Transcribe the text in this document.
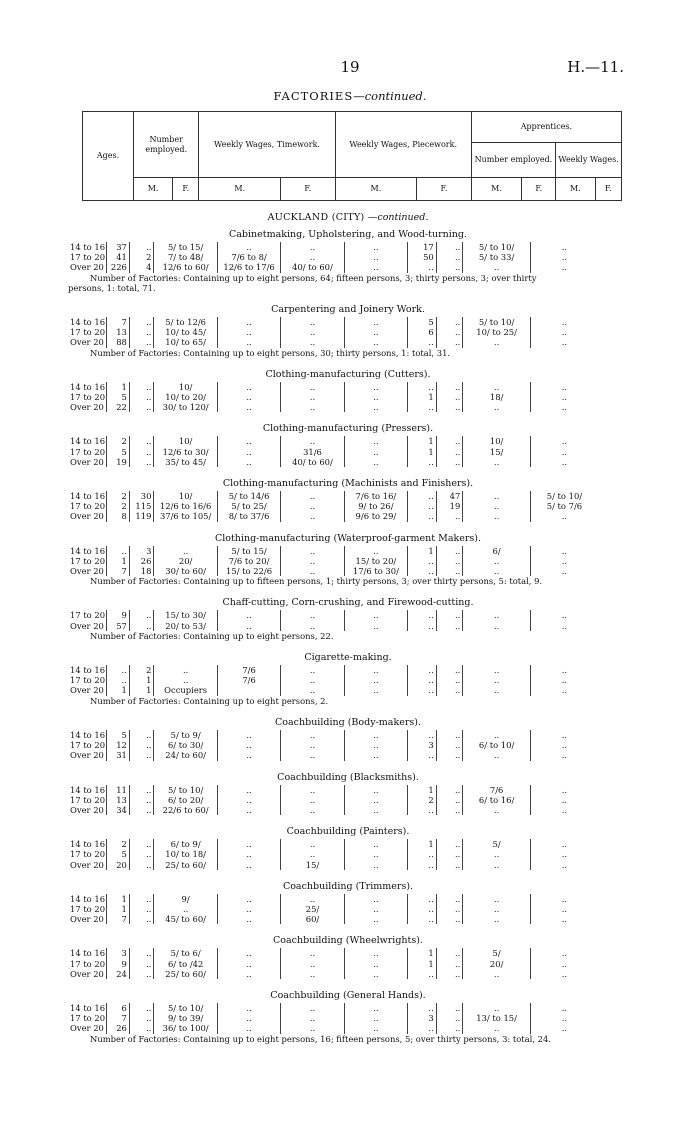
19	H.—11.
FACTORIES—continued.
Ages.	Number employed.		Weekly Wages, Timework.		Weekly Wages, Piecework.		Apprentices.			
							Number employed.		Weekly Wages.	
	M.	F.	M.	F.	M.	F.	M.	F.	M.	F.
AUCKLAND (CITY) —continued.
Cabinetmaking, Upholstering, and Wood-turning.
14 to 16	37	..	5/ to 15/	..	..	..	17	..	5/ to 10/	..
17 to 20	41	2	7/ to 48/	7/6 to 8/	..	..	50	..	5/ to 33/	..
Over 20	226	4	12/6 to 60/	12/6 to 17/6	40/ to 60/	..	..	..	..	..
Number of Factories: Containing up to eight persons, 64; fifteen persons, 3; thirty persons, 3; over thirty
persons, 1: total, 71.
Carpentering and Joinery Work.
14 to 16	7	..	5/ to 12/6	..	..	..	5	..	5/ to 10/	..
17 to 20	13	..	10/ to 45/	..	..	..	6	..	10/ to 25/	..
Over 20	88	..	10/ to 65/	..	..	..	..	..	..	..
Number of Factories: Containing up to eight persons, 30; thirty persons, 1: total, 31.
Clothing-manufacturing (Cutters).
14 to 16	1	..	10/	..	..	..	..	..	..	..
17 to 20	5	..	10/ to 20/	..	..	..	1	..	18/	..
Over 20	22	..	30/ to 120/	..	..	..	..	..	..	..
Clothing-manufacturing (Pressers).
14 to 16	2	..	10/	..	..	..	1	..	10/	..
17 to 20	5	..	12/6 to 30/	..	31/6	..	1	..	15/	..
Over 20	19	..	35/ to 45/	..	40/ to 60/	..	..	..	..	..
Clothing-manufacturing (Machinists and Finishers).
14 to 16	2	30	10/	5/ to 14/6	..	7/6 to 16/	..	47	..	5/ to 10/
17 to 20	2	115	12/6 to 16/6	5/ to 25/	..	9/ to 26/	..	19	..	5/ to 7/6
Over 20	8	119	37/6 to 105/	8/ to 37/6	..	9/6 to 29/	..	..	..	..
Clothing-manufacturing (Waterproof-garment Makers).
14 to 16	..	3	..	5/ to 15/	..	..	1	..	6/	..
17 to 20	1	26	20/	7/6 to 20/	..	15/ to 20/	..	..	..	..
Over 20	7	18	30/ to 60/	15/ to 22/6	..	17/6 to 30/	..	..	..	..
Number of Factories: Containing up to fifteen persons, 1; thirty persons, 3; over thirty persons, 5: total, 9.
Chaff-cutting, Corn-crushing, and Firewood-cutting.
17 to 20	9	..	15/ to 30/	..	..	..	..	..	..	..
Over 20	57	..	20/ to 53/	..	..	..	..	..	..	..
Number of Factories: Containing up to eight persons, 22.
Cigarette-making.
14 to 16	..	2	..	7/6	..	..	..	..	..	..
17 to 20	..	1	..	7/6	..	..	..	..	..	..
Over 20	1	1	Occupiers		..	..	..	..	..	..
Number of Factories: Containing up to eight persons, 2.
Coachbuilding (Body-makers).
14 to 16	5	..	5/ to 9/	..	..	..	..	..	..	..
17 to 20	12	..	6/ to 30/	..	..	..	3	..	6/ to 10/	..
Over 20	31	..	24/ to 60/	..	..	..	..	..	..	..
Coachbuilding (Blacksmiths).
14 to 16	11	..	5/ to 10/	..	..	..	1	..	7/6	..
17 to 20	13	..	6/ to 20/	..	..	..	2	..	6/ to 16/	..
Over 20	34	..	22/6 to 60/	..	..	..	..	..	..	..
Coachbuilding (Painters).
14 to 16	2	..	6/ to 9/	..	..	..	1	..	5/	..
17 to 20	5	..	10/ to 18/	..	..	..	..	..	..	..
Over 20	20	..	25/ to 60/	..	15/	..	..	..	..	..
Coachbuilding (Trimmers).
14 to 16	1	..	9/	..	..	..	..	..	..	..
17 to 20	1	..	..	..	25/	..	..	..	..	..
Over 20	7	..	45/ to 60/	..	60/	..	..	..	..	..
Coachbuilding (Wheelwrights).
14 to 16	3	..	5/ to 6/	..	..	..	1	..	5/	..
17 to 20	9	..	6/ to /42	..	..	..	1	..	20/	..
Over 20	24	..	25/ to 60/	..	..	..	..	..	..	..
Coachbuilding (General Hands).
14 to 16	6	..	5/ to 10/	..	..	..	..	..	..	..
17 to 20	7	..	9/ to 39/	..	..	..	3	..	13/ to 15/	..
Over 20	26	..	36/ to 100/	..	..	..	..	..	..	..
Number of Factories: Containing up to eight persons, 16; fifteen persons, 5; over thirty persons, 3: total, 24.
